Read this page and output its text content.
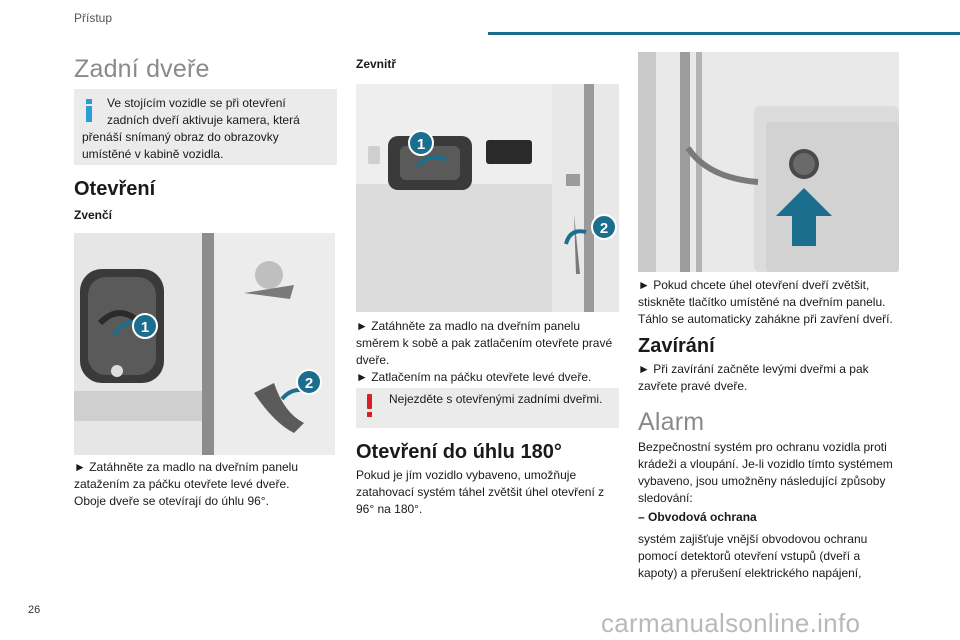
Přístup
Zadní dveře
Ve stojícím vozidle se při otevření
zadních dveří aktivuje kamera, která
přenáší snímaný obraz do obrazovky
umístěné v kabině vozidla.
Otevření
Zvenčí
1
2
► Zatáhněte za madlo na dveřním panelu
zatažením za páčku otevřete levé dveře.
Oboje dveře se otevírají do úhlu 96°.
Zevnitř
1
2
► Zatáhněte za madlo na dveřním panelu
směrem k sobě a pak zatlačením otevřete pravé
dveře.
► Zatlačením na páčku otevřete levé dveře.
Nejezděte s otevřenými zadními dveřmi.
Otevření do úhlu 180°
Pokud je jím vozidlo vybaveno, umožňuje
zatahovací systém táhel zvětšit úhel otevření z
96° na 180°.
► Pokud chcete úhel otevření dveří zvětšit,
stiskněte tlačítko umístěné na dveřním panelu.
Táhlo se automaticky zahákne při zavření dveří.
Zavírání
► Při zavírání začněte levými dveřmi a pak
zavřete pravé dveře.
Alarm
Bezpečnostní systém pro ochranu vozidla proti
krádeži a vloupání. Je-li vozidlo tímto systémem
vybaveno, jsou umožněny následující způsoby
sledování:
– Obvodová ochrana
systém zajišťuje vnější obvodovou ochranu
pomocí detektorů otevření vstupů (dveří a
kapoty) a přerušení elektrického napájení,
26	carmanualsonline.info
